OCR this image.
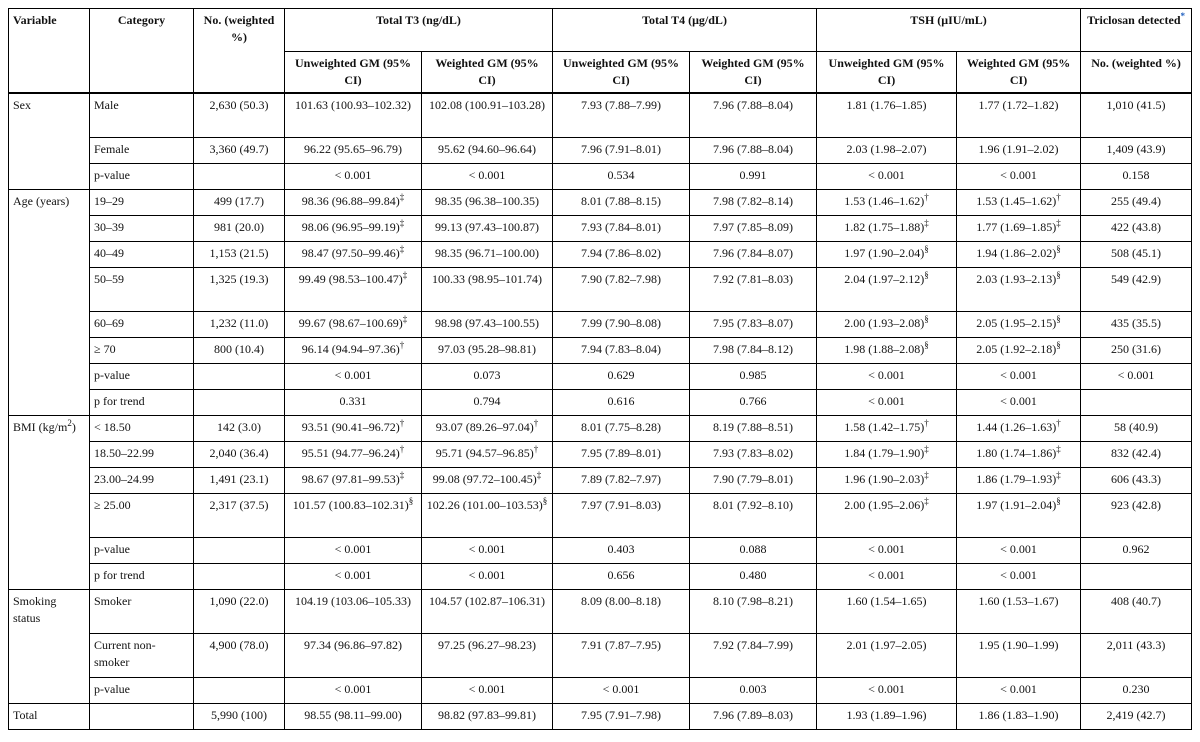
Variable	Category	No. (weighted %)	Total T3 (ng/dL)		Total T4 (μg/dL)		TSH (μIU/mL)		Triclosan detected*
			Unweighted GM (95% CI)	Weighted GM (95% CI)	Unweighted GM (95% CI)	Weighted GM (95% CI)	Unweighted GM (95% CI)	Weighted GM (95% CI)	No. (weighted %)
Sex	Male	2,630 (50.3)	101.63 (100.93–102.32)	102.08 (100.91–103.28)	7.93 (7.88–7.99)	7.96 (7.88–8.04)	1.81 (1.76–1.85)	1.77 (1.72–1.82)	1,010 (41.5)
	Female	3,360 (49.7)	96.22 (95.65–96.79)	95.62 (94.60–96.64)	7.96 (7.91–8.01)	7.96 (7.88–8.04)	2.03 (1.98–2.07)	1.96 (1.91–2.02)	1,409 (43.9)
	p-value		< 0.001	< 0.001	0.534	0.991	< 0.001	< 0.001	0.158
Age (years)	19–29	499 (17.7)	98.36 (96.88–99.84)‡	98.35 (96.38–100.35)	8.01 (7.88–8.15)	7.98 (7.82–8.14)	1.53 (1.46–1.62)†	1.53 (1.45–1.62)†	255 (49.4)
	30–39	981 (20.0)	98.06 (96.95–99.19)‡	99.13 (97.43–100.87)	7.93 (7.84–8.01)	7.97 (7.85–8.09)	1.82 (1.75–1.88)‡	1.77 (1.69–1.85)‡	422 (43.8)
	40–49	1,153 (21.5)	98.47 (97.50–99.46)‡	98.35 (96.71–100.00)	7.94 (7.86–8.02)	7.96 (7.84–8.07)	1.97 (1.90–2.04)§	1.94 (1.86–2.02)§	508 (45.1)
	50–59	1,325 (19.3)	99.49 (98.53–100.47)‡	100.33 (98.95–101.74)	7.90 (7.82–7.98)	7.92 (7.81–8.03)	2.04 (1.97–2.12)§	2.03 (1.93–2.13)§	549 (42.9)
	60–69	1,232 (11.0)	99.67 (98.67–100.69)‡	98.98 (97.43–100.55)	7.99 (7.90–8.08)	7.95 (7.83–8.07)	2.00 (1.93–2.08)§	2.05 (1.95–2.15)§	435 (35.5)
	≥ 70	800 (10.4)	96.14 (94.94–97.36)†	97.03 (95.28–98.81)	7.94 (7.83–8.04)	7.98 (7.84–8.12)	1.98 (1.88–2.08)§	2.05 (1.92–2.18)§	250 (31.6)
	p-value		< 0.001	0.073	0.629	0.985	< 0.001	< 0.001	< 0.001
	p for trend		0.331	0.794	0.616	0.766	< 0.001	< 0.001	
BMI $(kg/m^2)$	< 18.50	142 (3.0)	93.51 (90.41–96.72)†	93.07 (89.26–97.04)†	8.01 (7.75–8.28)	8.19 (7.88–8.51)	1.58 (1.42–1.75)†	1.44 (1.26–1.63)†	58 (40.9)
	18.50–22.99	2,040 (36.4)	95.51 (94.77–96.24)†	95.71 (94.57–96.85)†	7.95 (7.89–8.01)	7.93 (7.83–8.02)	1.84 (1.79–1.90)‡	1.80 (1.74–1.86)‡	832 (42.4)
	23.00–24.99	1,491 (23.1)	98.67 (97.81–99.53)‡	99.08 (97.72–100.45)‡	7.89 (7.82–7.97)	7.90 (7.79–8.01)	1.96 (1.90–2.03)‡	1.86 (1.79–1.93)‡	606 (43.3)
	≥ 25.00	2,317 (37.5)	101.57 (100.83–102.31)§	102.26 (101.00–103.53)§	7.97 (7.91–8.03)	8.01 (7.92–8.10)	2.00 (1.95–2.06)‡	1.97 (1.91–2.04)§	923 (42.8)
	p-value		< 0.001	< 0.001	0.403	0.088	< 0.001	< 0.001	0.962
	p for trend		< 0.001	< 0.001	0.656	0.480	< 0.001	< 0.001	
Smoking status	Smoker	1,090 (22.0)	104.19 (103.06–105.33)	104.57 (102.87–106.31)	8.09 (8.00–8.18)	8.10 (7.98–8.21)	1.60 (1.54–1.65)	1.60 (1.53–1.67)	408 (40.7)
	Current non-smoker	4,900 (78.0)	97.34 (96.86–97.82)	97.25 (96.27–98.23)	7.91 (7.87–7.95)	7.92 (7.84–7.99)	2.01 (1.97–2.05)	1.95 (1.90–1.99)	2,011 (43.3)
	p-value		< 0.001	< 0.001	< 0.001	0.003	< 0.001	< 0.001	0.230
Total		5,990 (100)	98.55 (98.11–99.00)	98.82 (97.83–99.81)	7.95 (7.91–7.98)	7.96 (7.89–8.03)	1.93 (1.89–1.96)	1.86 (1.83–1.90)	2,419 (42.7)
